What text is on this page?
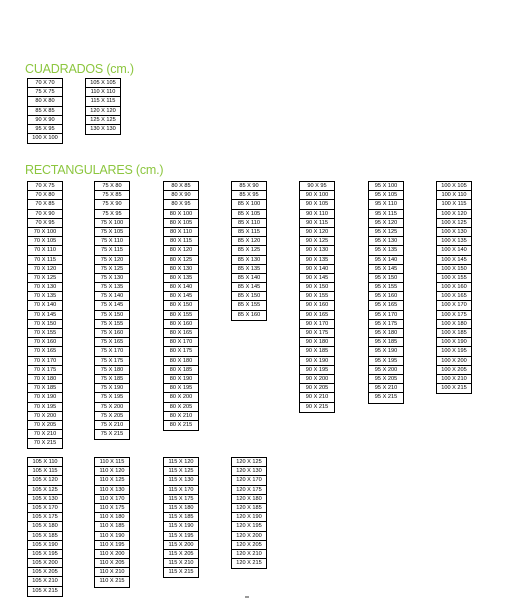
CUADRADOS (cm.)
70 X 70
75 X 75
80 X 80
85 X 85
90 X 90
95 X 95
100 X 100
105 X 105
110 X 110
115 X 115
120 X 120
125 X 125
130 X 130
RECTANGULARES (cm.)
70 X 75
70 X 80
70 X 85
70 X 90
70 X 95
70 X 100
70 X 105
70 X 110
70 X 115
70 X 120
70 X 125
70 X 130
70 X 135
70 X 140
70 X 145
70 X 150
70 X 155
70 X 160
70 X 165
70 X 170
70 X 175
70 X 180
70 X 185
70 X 190
70 X 195
70 X 200
70 X 205
70 X 210
70 X 215
75 X 80
75 X 85
75 X 90
75 X 95
75 X 100
75 X 105
75 X 110
75 X 115
75 X 120
75 X 125
75 X 130
75 X 135
75 X 140
75 X 145
75 X 150
75 X 155
75 X 160
75 X 165
75 X 170
75 X 175
75 X 180
75 X 185
75 X 190
75 X 195
75 X 200
75 X 205
75 X 210
75 X 215
80 X 85
80 X 90
80 X 95
80 X 100
80 X 105
80 X 110
80 X 115
80 X 120
80 X 125
80 X 130
80 X 135
80 X 140
80 X 145
80 X 150
80 X 155
80 X 160
80 X 165
80 X 170
80 X 175
80 X 180
80 X 185
80 X 190
80 X 195
80 X 200
80 X 205
80 X 210
80 X 215
85 X 90
85 X 95
85 X 100
85 X 105
85 X 110
85 X 115
85 X 120
85 X 125
85 X 130
85 X 135
85 X 140
85 X 145
85 X 150
85 X 155
85 X 160
90 X 95
90 X 100
90 X 105
90 X 110
90 X 115
90 X 120
90 X 125
90 X 130
90 X 135
90 X 140
90 X 145
90 X 150
90 X 155
90 X 160
90 X 165
90 X 170
90 X 175
90 X 180
90 X 185
90 X 190
90 X 195
90 X 200
90 X 205
90 X 210
90 X 215
95 X 100
95 X 105
95 X 110
95 X 115
95 X 120
95 X 125
95 X 130
95 X 135
95 X 140
95 X 145
95 X 150
95 X 155
95 X 160
95 X 165
95 X 170
95 X 175
95 X 180
95 X 185
95 X 190
95 X 195
95 X 200
95 X 205
95 X 210
95 X 215
100 X 105
100 X 110
100 X 115
100 X 120
100 X 125
100 X 130
100 X 135
100 X 140
100 X 145
100 X 150
100 X 155
100 X 160
100 X 165
100 X 170
100 X 175
100 X 180
100 X 185
100 X 190
100 X 195
100 X 200
100 X 205
100 X 210
100 X 215
105 X 110
105 X 115
105 X 120
105 X 125
105 X 130
105 X 170
105 X 175
105 X 180
105 X 185
105 X 190
105 X 195
105 X 200
105 X 205
105 X 210
105 X 215
110 X 115
110 X 120
110 X 125
110 X 130
110 X 170
110 X 175
110 X 180
110 X 185
110 X 190
110 X 195
110 X 200
110 X 205
110 X 210
110 X 215
115 X 120
115 X 125
115 X 130
115 X 170
115 X 175
115 X 180
115 X 185
115 X 190
115 X 195
115 X 200
115 X 205
115 X 210
115 X 215
120 X 125
120 X 130
120 X 170
120 X 175
120 X 180
120 X 185
120 X 190
120 X 195
120 X 200
120 X 205
120 X 210
120 X 215
